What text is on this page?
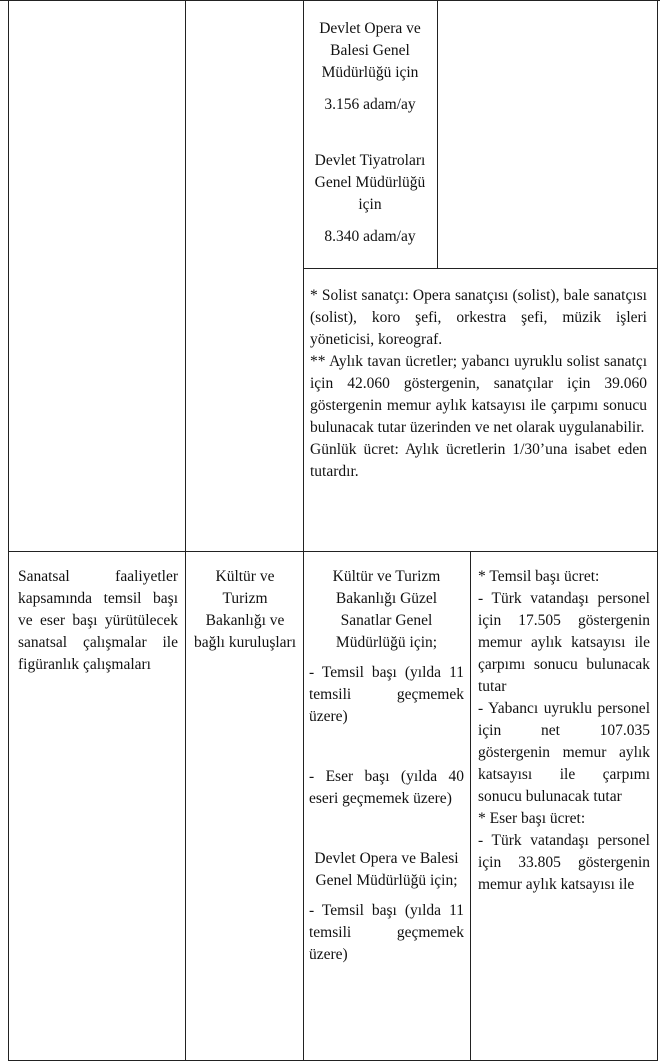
Devlet Opera ve Balesi Genel Müdürlüğü için

3.156 adam/ay

Devlet Tiyatroları Genel Müdürlüğü için

8.340 adam/ay

* Solist sanatçı: Opera sanatçısı (solist), bale sanatçısı (solist), koro şefi, orkestra şefi, müzik işleri yöneticisi, koreograf.

** Aylık tavan ücretler; yabancı uyruklu solist sanatçı için 42.060 göstergenin, sanatçılar için 39.060 göstergenin memur aylık katsayısı ile çarpımı sonucu bulunacak tutar üzerinden ve net olarak uygulanabilir.

Günlük ücret: Aylık ücretlerin 1/30’una isabet eden tutardır.

Sanatsal faaliyetler kapsamında temsil başı ve eser başı yürütülecek sanatsal çalışmalar ile figüranlık çalışmaları

Kültür ve Turizm Bakanlığı ve bağlı kuruluşları

Kültür ve Turizm Bakanlığı Güzel Sanatlar Genel Müdürlüğü için;

- Temsil başı (yılda 11 temsili geçmemek üzere)

- Eser başı (yılda 40 eseri geçmemek üzere)

Devlet Opera ve Balesi Genel Müdürlüğü için;

- Temsil başı (yılda 11 temsili geçmemek üzere)

* Temsil başı ücret:

- Türk vatandaşı personel için 17.505 göstergenin memur aylık katsayısı ile çarpımı sonucu bulunacak tutar

- Yabancı uyruklu personel için net 107.035 göstergenin memur aylık katsayısı ile çarpımı sonucu bulunacak tutar

* Eser başı ücret:

- Türk vatandaşı personel için 33.805 göstergenin memur aylık katsayısı ile
